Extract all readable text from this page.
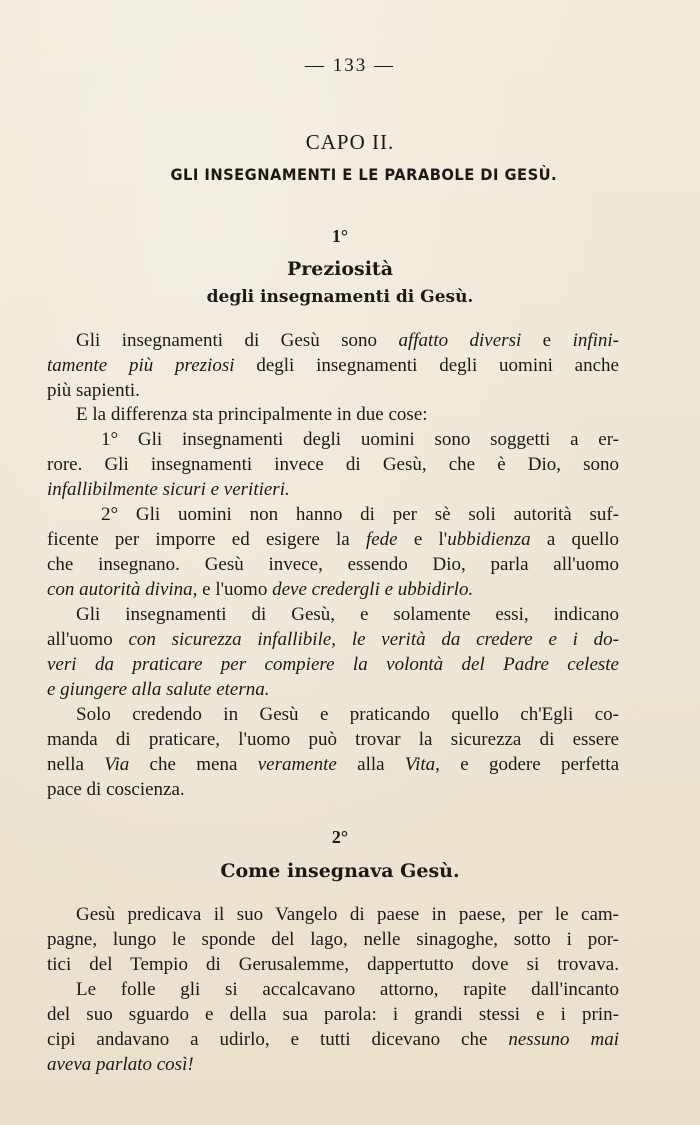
— 133 —
CAPO II.
GLI INSEGNAMENTI E LE PARABOLE DI GESÙ.
1°
Preziosità
degli insegnamenti di Gesù.
Gli insegnamenti di Gesù sono affatto diversi e infini-
tamente più preziosi degli insegnamenti degli uomini anche
più sapienti.
E la differenza sta principalmente in due cose:
1° Gli insegnamenti degli uomini sono soggetti a er-
rore. Gli insegnamenti invece di Gesù, che è Dio, sono
infallibilmente sicuri e veritieri.
2° Gli uomini non hanno di per sè soli autorità suf-
ficente per imporre ed esigere la fede e l'ubbidienza a quello
che insegnano. Gesù invece, essendo Dio, parla all'uomo
con autorità divina, e l'uomo deve credergli e ubbidirlo.
Gli insegnamenti di Gesù, e solamente essi, indicano
all'uomo con sicurezza infallibile, le verità da credere e i do-
veri da praticare per compiere la volontà del Padre celeste
e giungere alla salute eterna.
Solo credendo in Gesù e praticando quello ch'Egli co-
manda di praticare, l'uomo può trovar la sicurezza di essere
nella Via che mena veramente alla Vita, e godere perfetta
pace di coscienza.
2°
Come insegnava Gesù.
Gesù predicava il suo Vangelo di paese in paese, per le cam-
pagne, lungo le sponde del lago, nelle sinagoghe, sotto i por-
tici del Tempio di Gerusalemme, dappertutto dove si trovava.
Le folle gli si accalcavano attorno, rapite dall'incanto
del suo sguardo e della sua parola: i grandi stessi e i prin-
cipi andavano a udirlo, e tutti dicevano che nessuno mai
aveva parlato così!
